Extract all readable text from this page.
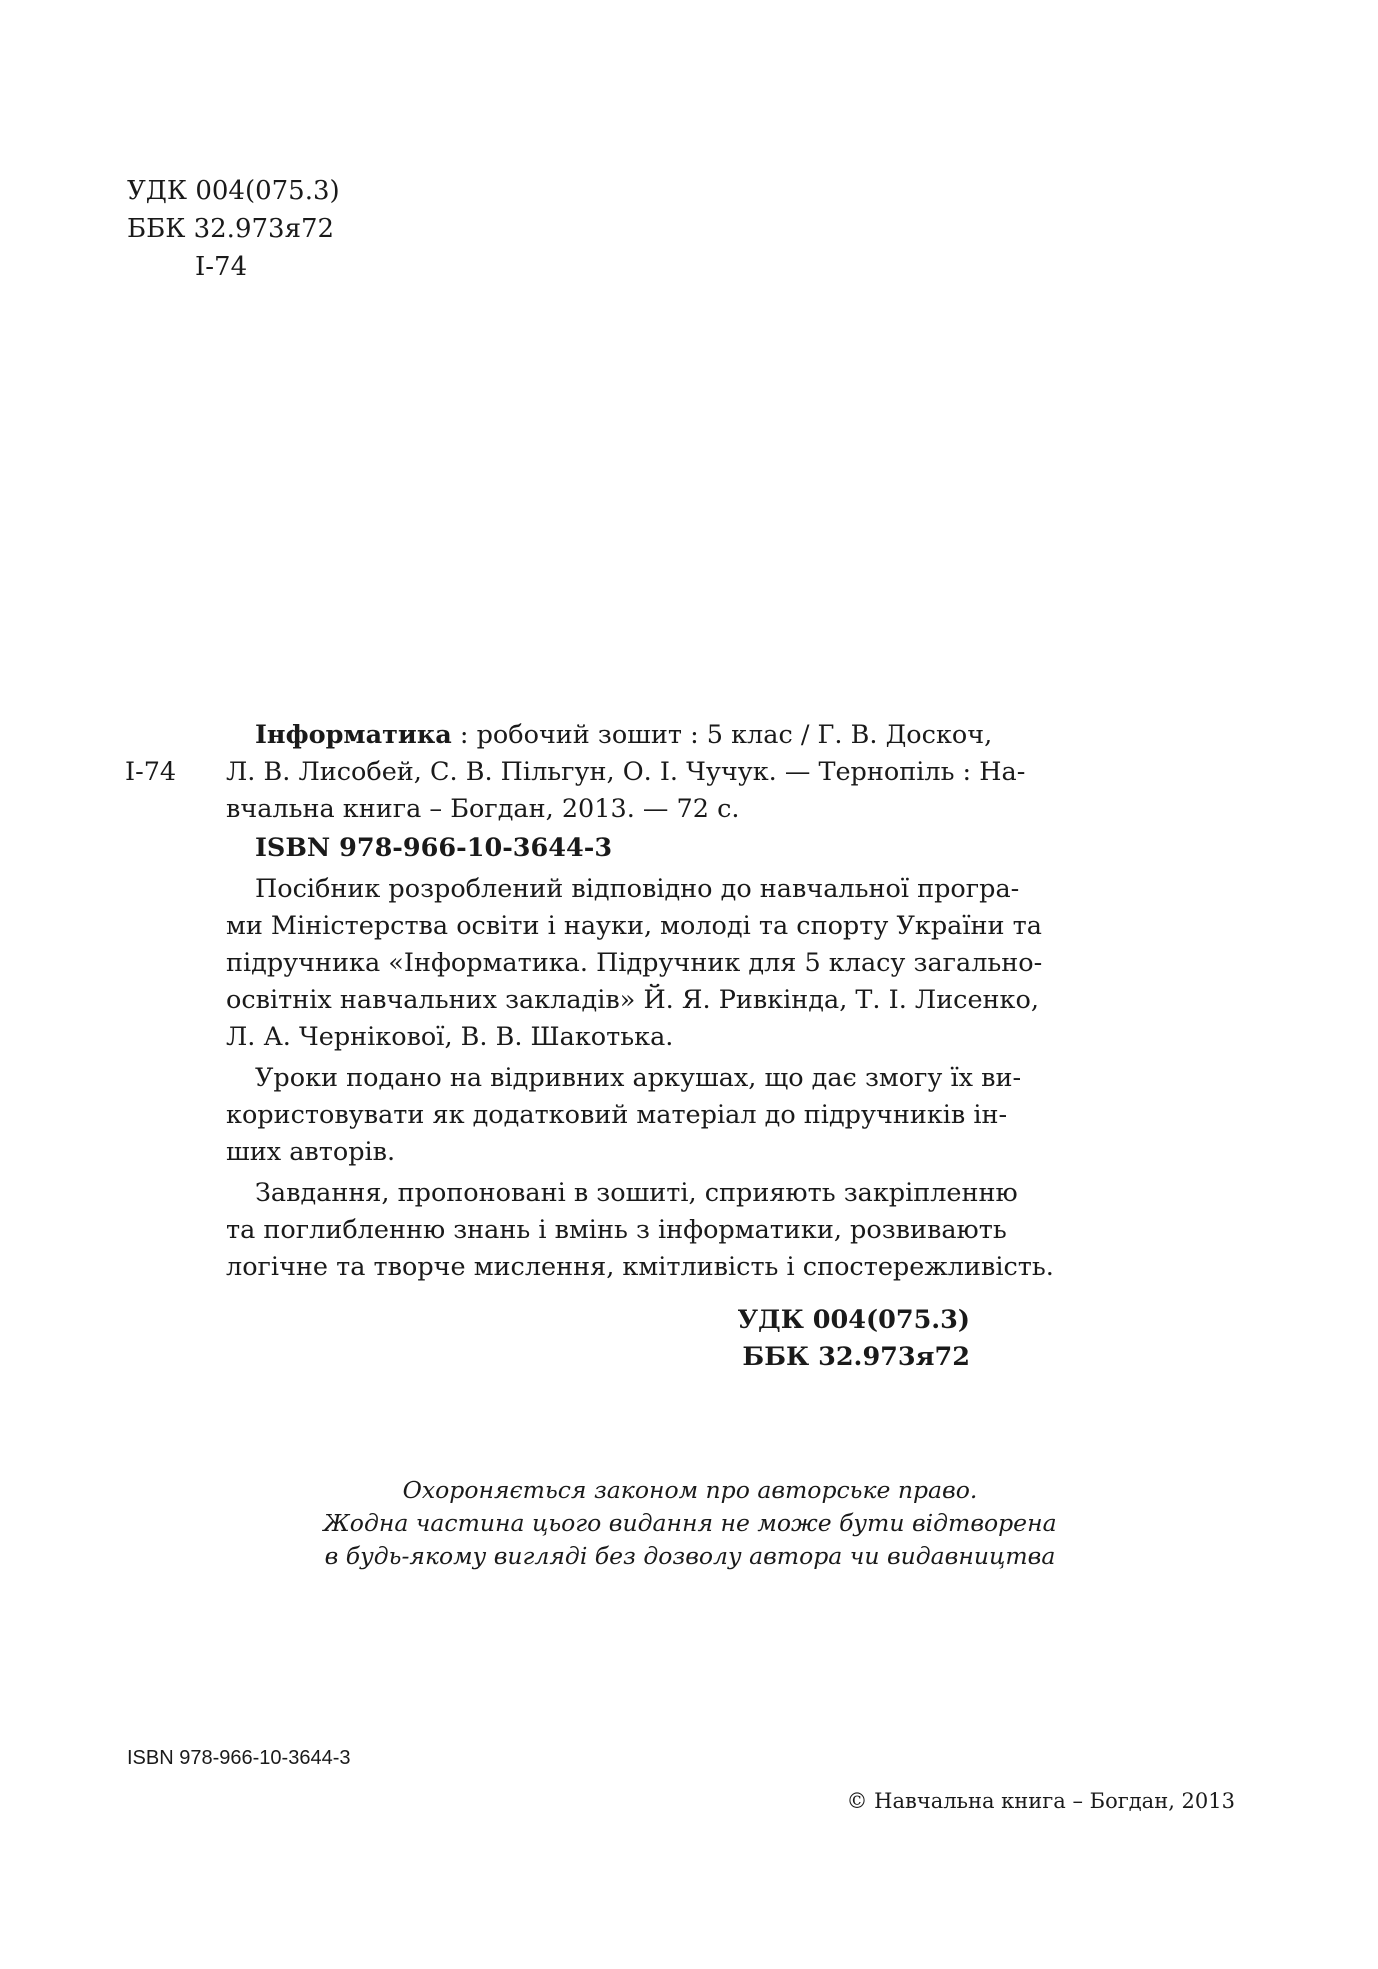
УДК 004(075.3)
ББК 32.973я72
І-74
Інформатика : робочий зошит : 5 клас / Г. В. Доскоч,
І-74 Л. В. Лисобей, С. В. Пільгун, О. І. Чучук. — Тернопіль : На-
вчальна книга – Богдан, 2013. — 72 с.
ISBN 978-966-10-3644-3
Посібник розроблений відповідно до навчальної програ-
ми Міністерства освіти і науки, молоді та спорту України та
підручника «Інформатика. Підручник для 5 класу загально-
освітніх навчальних закладів» Й. Я. Ривкінда, Т. І. Лисенко,
Л. А. Чернікової, В. В. Шакотька.
Уроки подано на відривних аркушах, що дає змогу їх ви-
користовувати як додатковий матеріал до підручників ін-
ших авторів.
Завдання, пропоновані в зошиті, сприяють закріпленню
та поглибленню знань і вмінь з інформатики, розвивають
логічне та творче мислення, кмітливість і спостережливість.
УДК 004(075.3)
ББК 32.973я72
Охороняється законом про авторське право.
Жодна частина цього видання не може бути відтворена
в будь-якому вигляді без дозволу автора чи видавництва
ISBN 978-966-10-3644-3
© Навчальна книга – Богдан, 2013
